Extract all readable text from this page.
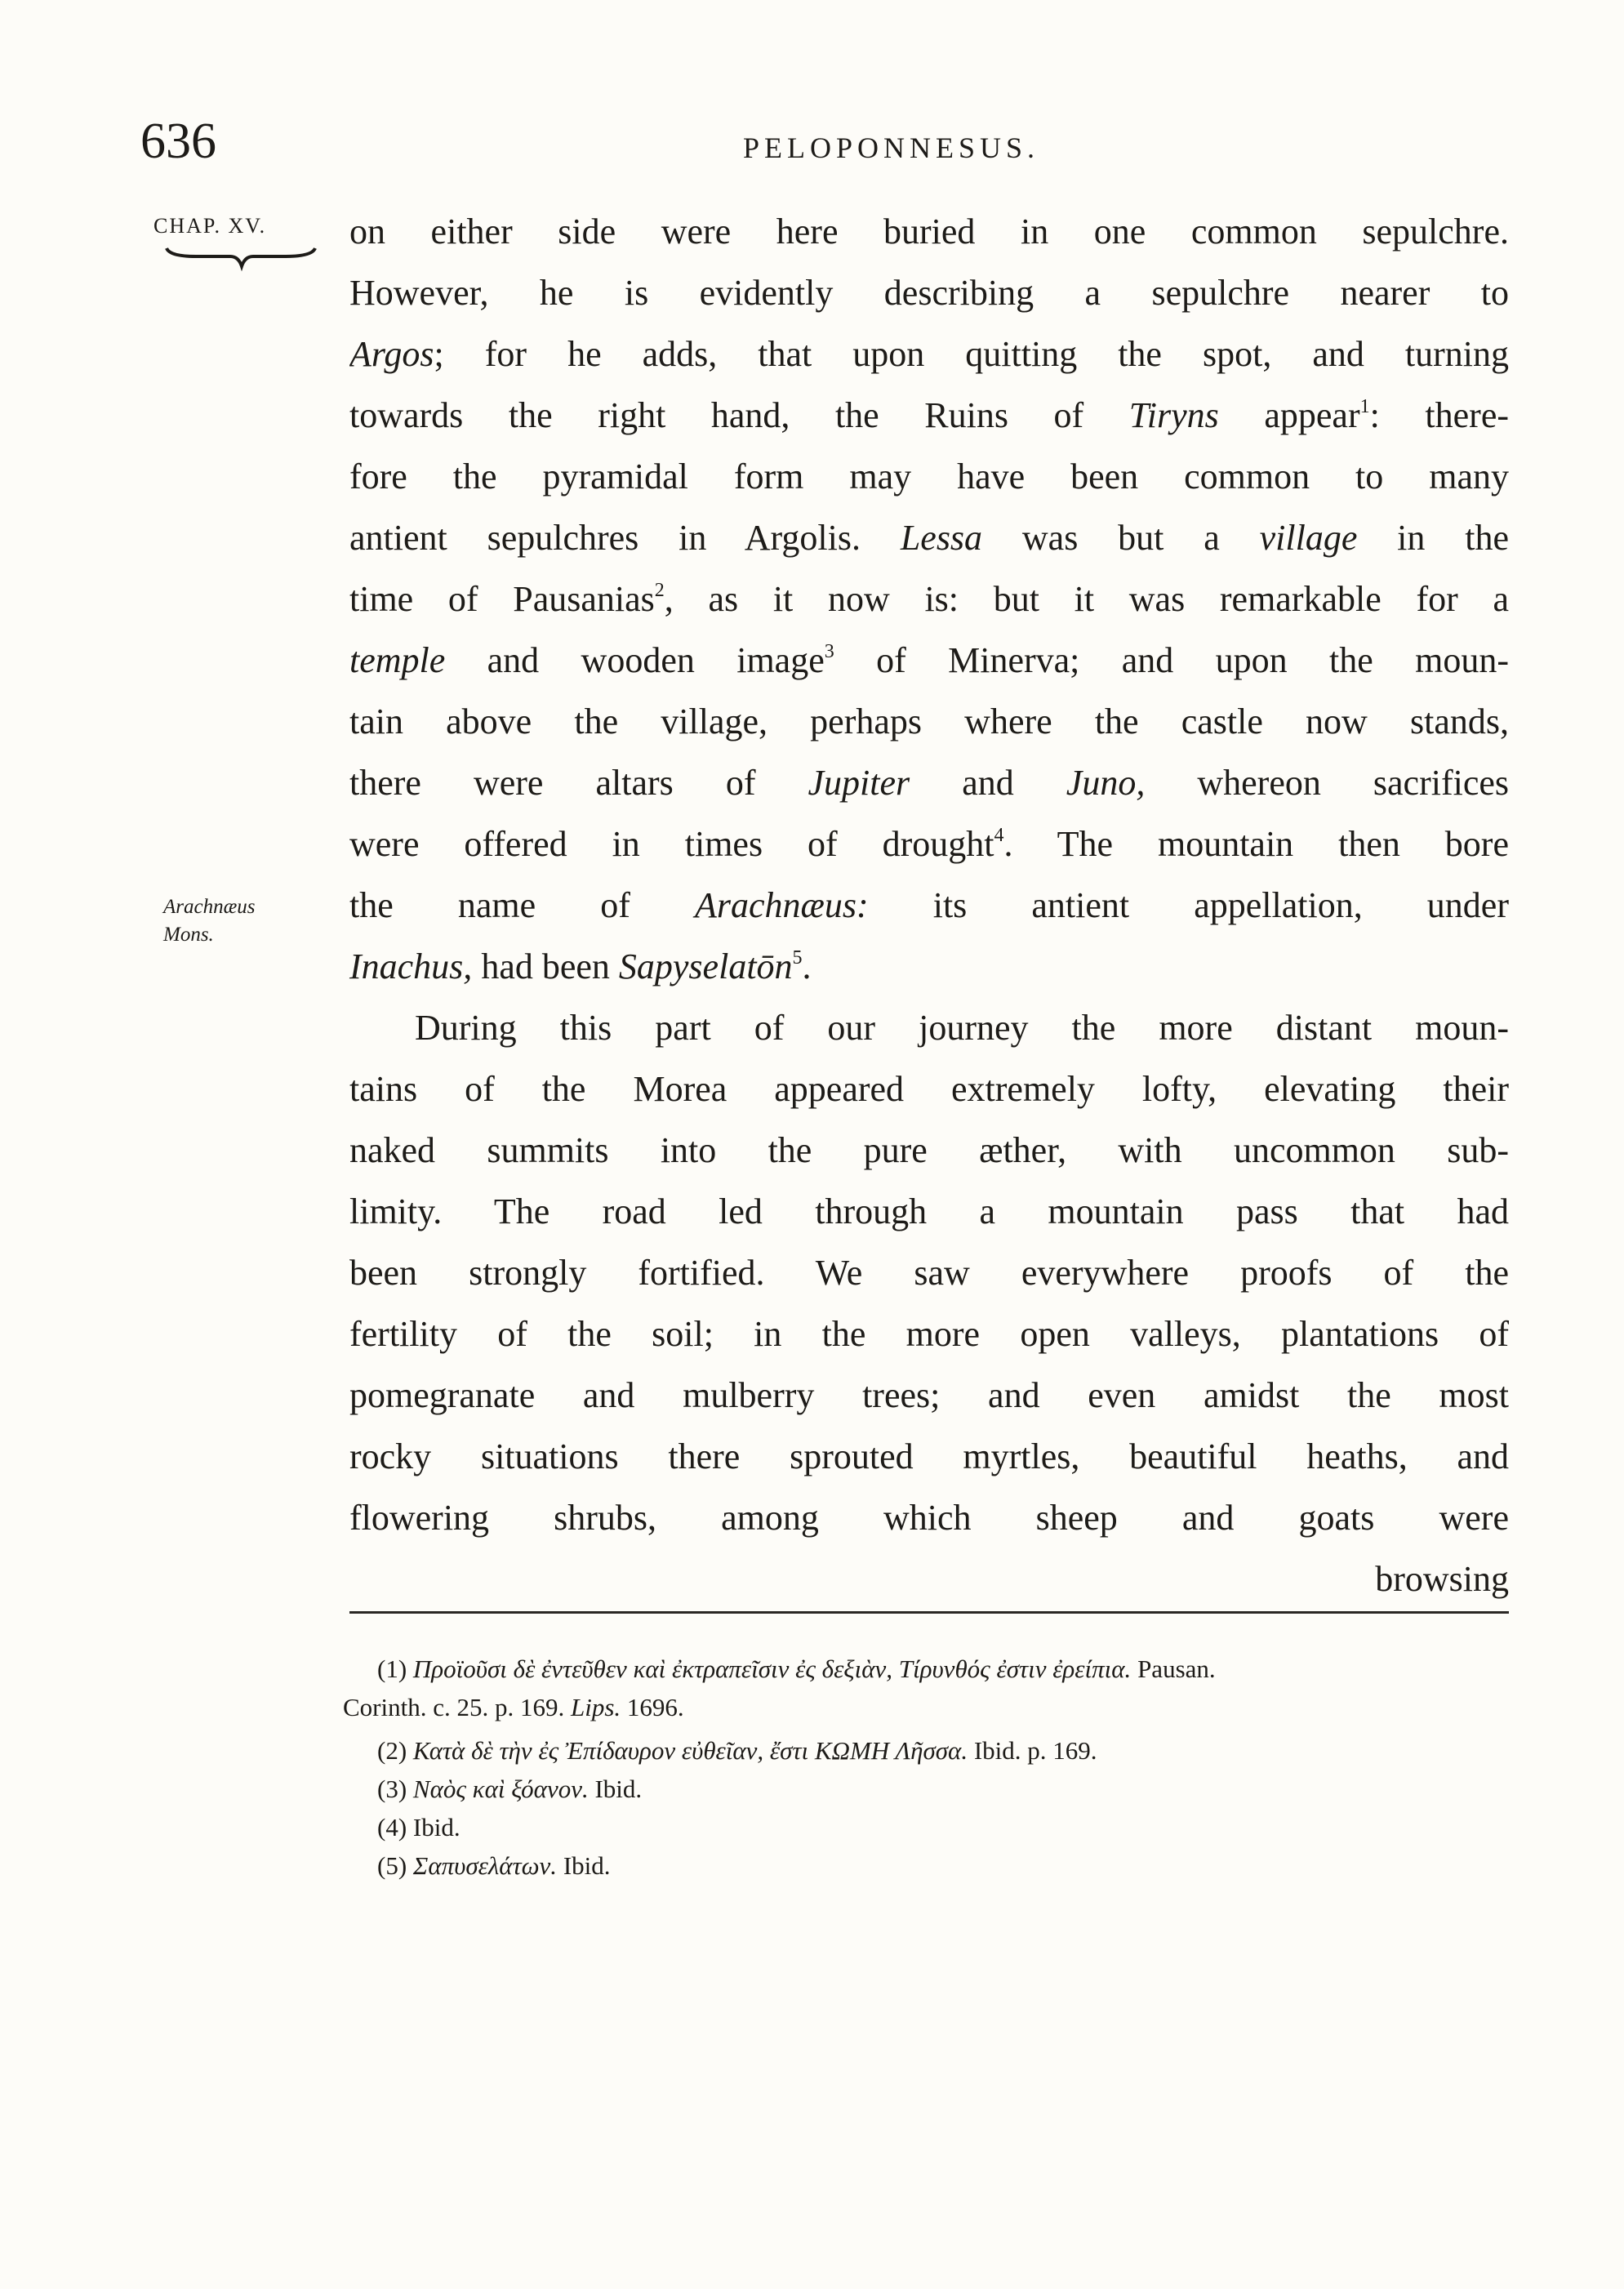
636	PELOPONNESUS.
CHAP. XV.
Arachnæus
Mons.
on either side were here buried in one common sepulchre.
However, he is evidently describing a sepulchre nearer to
Argos; for he adds, that upon quitting the spot, and turning
towards the right hand, the Ruins of Tiryns appear$^1$: there-
fore the pyramidal form may have been common to many
antient sepulchres in Argolis. Lessa was but a village in the
time of Pausanias$^2$, as it now is: but it was remarkable for a
temple and wooden image$^3$ of Minerva; and upon the moun-
tain above the village, perhaps where the castle now stands,
there were altars of Jupiter and Juno, whereon sacrifices
were offered in times of drought$^4$. The mountain then bore
the name of Arachnæus: its antient appellation, under
Inachus, had been Sapyselatōn$^5$.
During this part of our journey the more distant moun-
tains of the Morea appeared extremely lofty, elevating their
naked summits into the pure æther, with uncommon sub-
limity. The road led through a mountain pass that had
been strongly fortified. We saw everywhere proofs of the
fertility of the soil; in the more open valleys, plantations of
pomegranate and mulberry trees; and even amidst the most
rocky situations there sprouted myrtles, beautiful heaths, and
flowering shrubs, among which sheep and goats were
browsing
(1) Προϊοῦσι δὲ ἐντεῦθεν καὶ ἐκτραπεῖσιν ἐς δεξιὰν, Τίρυνθός ἐστιν ἐρείπια. Pausan.
Corinth. c. 25. p. 169. Lips. 1696.
(2) Κατὰ δὲ τὴν ἐς Ἐπίδαυρον εὐθεῖαν, ἔστι ΚΩΜΗ Λῆσσα. Ibid. p. 169.
(3) Ναὸς καὶ ξόανον. Ibid.
(4) Ibid.
(5) Σαπυσελάτων. Ibid.
